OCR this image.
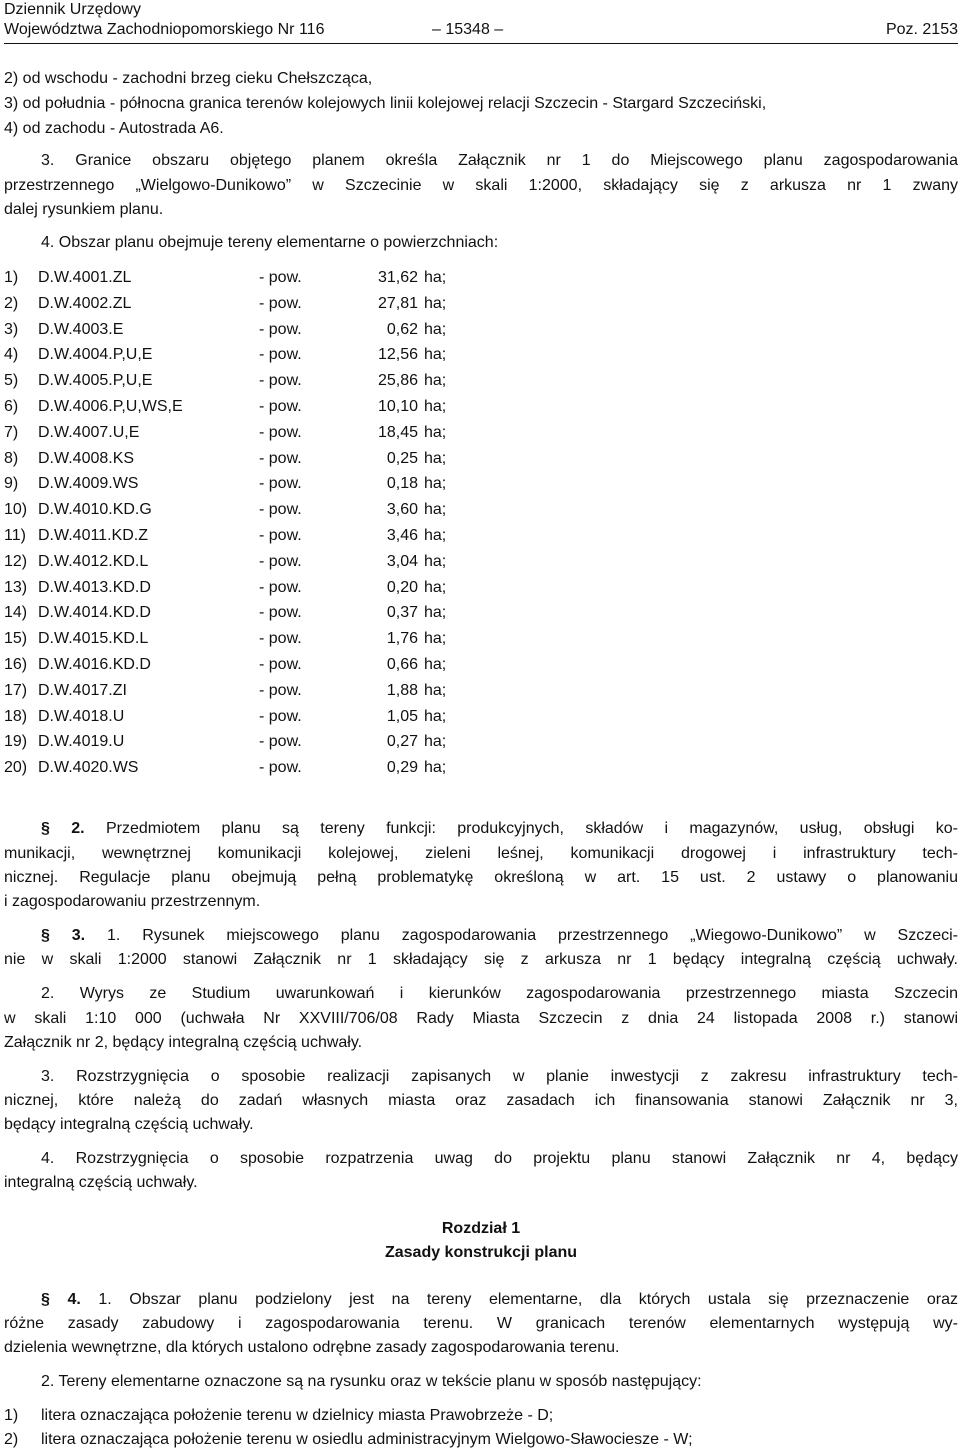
Dziennik Urzędowy
Województwa Zachodniopomorskiego Nr 116	– 15348 –	Poz. 2153
2) od wschodu - zachodni brzeg cieku Chełszcząca,
3) od południa - północna granica terenów kolejowych linii kolejowej relacji Szczecin - Stargard Szczeciński,
4) od zachodu - Autostrada A6.
3. Granice obszaru objętego planem określa Załącznik nr 1 do Miejscowego planu zagospodarowania
przestrzennego „Wielgowo-Dunikowo” w Szczecinie w skali 1:2000, składający się z arkusza nr 1 zwany
dalej rysunkiem planu.
4. Obszar planu obejmuje tereny elementarne o powierzchniach:
1) D.W.4001.ZL	- pow.	31,62 ha;
2) D.W.4002.ZL	- pow.	27,81 ha;
3) D.W.4003.E	- pow.	0,62 ha;
4) D.W.4004.P,U,E	- pow.	12,56 ha;
5) D.W.4005.P,U,E	- pow.	25,86 ha;
6) D.W.4006.P,U,WS,E	- pow.	10,10 ha;
7) D.W.4007.U,E	- pow.	18,45 ha;
8) D.W.4008.KS	- pow.	0,25 ha;
9) D.W.4009.WS	- pow.	0,18 ha;
10) D.W.4010.KD.G	- pow.	3,60 ha;
11) D.W.4011.KD.Z	- pow.	3,46 ha;
12) D.W.4012.KD.L	- pow.	3,04 ha;
13) D.W.4013.KD.D	- pow.	0,20 ha;
14) D.W.4014.KD.D	- pow.	0,37 ha;
15) D.W.4015.KD.L	- pow.	1,76 ha;
16) D.W.4016.KD.D	- pow.	0,66 ha;
17) D.W.4017.ZI	- pow.	1,88 ha;
18) D.W.4018.U	- pow.	1,05 ha;
19) D.W.4019.U	- pow.	0,27 ha;
20) D.W.4020.WS	- pow.	0,29 ha;
§ 2. Przedmiotem planu są tereny funkcji: produkcyjnych, składów i magazynów, usług, obsługi ko-
munikacji, wewnętrznej komunikacji kolejowej, zieleni leśnej, komunikacji drogowej i infrastruktury tech-
nicznej. Regulacje planu obejmują pełną problematykę określoną w art. 15 ust. 2 ustawy o planowaniu
i zagospodarowaniu przestrzennym.
§ 3. 1. Rysunek miejscowego planu zagospodarowania przestrzennego „Wiegowo-Dunikowo” w Szczeci-
nie w skali 1:2000 stanowi Załącznik nr 1 składający się z arkusza nr 1 będący integralną częścią uchwały.
2. Wyrys ze Studium uwarunkowań i kierunków zagospodarowania przestrzennego miasta Szczecin
w skali 1:10 000 (uchwała Nr XXVIII/706/08 Rady Miasta Szczecin z dnia 24 listopada 2008 r.) stanowi
Załącznik nr 2, będący integralną częścią uchwały.
3. Rozstrzygnięcia o sposobie realizacji zapisanych w planie inwestycji z zakresu infrastruktury tech-
nicznej, które należą do zadań własnych miasta oraz zasadach ich finansowania stanowi Załącznik nr 3,
będący integralną częścią uchwały.
4. Rozstrzygnięcia o sposobie rozpatrzenia uwag do projektu planu stanowi Załącznik nr 4, będący
integralną częścią uchwały.
Rozdział 1
Zasady konstrukcji planu
§ 4. 1. Obszar planu podzielony jest na tereny elementarne, dla których ustala się przeznaczenie oraz
różne zasady zabudowy i zagospodarowania terenu. W granicach terenów elementarnych występują wy-
dzielenia wewnętrzne, dla których ustalono odrębne zasady zagospodarowania terenu.
2. Tereny elementarne oznaczone są na rysunku oraz w tekście planu w sposób następujący:
1) litera oznaczająca położenie terenu w dzielnicy miasta Prawobrzeże - D;
2) litera oznaczająca położenie terenu w osiedlu administracyjnym Wielgowo-Sławociesze - W;
